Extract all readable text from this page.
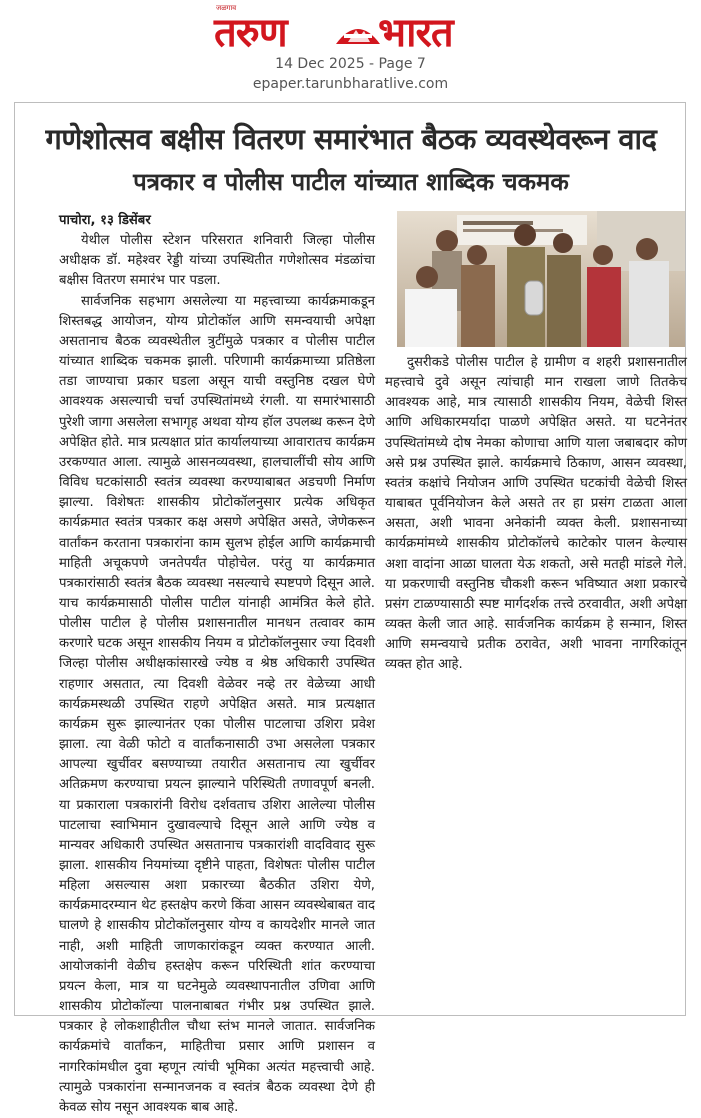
जळगाव
तरुण भारत
14 Dec 2025 - Page 7
epaper.tarunbharatlive.com
गणेशोत्सव बक्षीस वितरण समारंभात बैठक व्यवस्थेवरून वाद
पत्रकार व पोलीस पाटील यांच्यात शाब्दिक चकमक

पाचोरा, १३ डिसेंबर

येथील पोलीस स्टेशन परिसरात शनिवारी जिल्हा पोलीस अधीक्षक डॉ. महेश्वर रेड्डी यांच्या उपस्थितीत गणेशोत्सव मंडळांचा बक्षीस वितरण समारंभ पार पडला.

सार्वजनिक सहभाग असलेल्या या महत्त्वाच्या कार्यक्रमाकडून शिस्तबद्ध आयोजन, योग्य प्रोटोकॉल आणि समन्वयाची अपेक्षा असतानाच बैठक व्यवस्थेतील त्रुटींमुळे पत्रकार व पोलीस पाटील यांच्यात शाब्दिक चकमक झाली. परिणामी कार्यक्रमाच्या प्रतिष्ठेला तडा जाण्याचा प्रकार घडला असून याची वस्तुनिष्ठ दखल घेणे आवश्यक असल्याची चर्चा उपस्थितांमध्ये रंगली. या समारंभासाठी पुरेशी जागा असलेला सभागृह अथवा योग्य हॉल उपलब्ध करून देणे अपेक्षित होते. मात्र प्रत्यक्षात प्रांत कार्यालयाच्या आवारातच कार्यक्रम उरकण्यात आला. त्यामुळे आसनव्यवस्था, हालचालींची सोय आणि विविध घटकांसाठी स्वतंत्र व्यवस्था करण्याबाबत अडचणी निर्माण झाल्या. विशेषतः शासकीय प्रोटोकॉलनुसार प्रत्येक अधिकृत कार्यक्रमात स्वतंत्र पत्रकार कक्ष असणे अपेक्षित असते, जेणेकरून वार्तांकन करताना पत्रकारांना काम सुलभ होईल आणि कार्यक्रमाची माहिती अचूकपणे जनतेपर्यंत पोहोचेल. परंतु या कार्यक्रमात पत्रकारांसाठी स्वतंत्र बैठक व्यवस्था नसल्याचे स्पष्टपणे दिसून आले. याच कार्यक्रमासाठी पोलीस पाटील यांनाही आमंत्रित केले होते. पोलीस पाटील हे पोलीस प्रशासनातील मानधन तत्वावर काम करणारे घटक असून शासकीय नियम व प्रोटोकॉलनुसार ज्या दिवशी जिल्हा पोलीस अधीक्षकांसारखे ज्येष्ठ व श्रेष्ठ अधिकारी उपस्थित राहणार असतात, त्या दिवशी वेळेवर नव्हे तर वेळेच्या आधी कार्यक्रमस्थळी उपस्थित राहणे अपेक्षित असते. मात्र प्रत्यक्षात कार्यक्रम सुरू झाल्यानंतर एका पोलीस पाटलाचा उशिरा प्रवेश झाला. त्या वेळी फोटो व वार्तांकनासाठी उभा असलेला पत्रकार आपल्या खुर्चीवर बसण्याच्या तयारीत असतानाच त्या खुर्चीवर अतिक्रमण करण्याचा प्रयत्न झाल्याने परिस्थिती तणावपूर्ण बनली. या प्रकाराला पत्रकारांनी विरोध दर्शवताच उशिरा आलेल्या पोलीस पाटलाचा स्वाभिमान दुखावल्याचे दिसून आले आणि ज्येष्ठ व मान्यवर अधिकारी उपस्थित असतानाच पत्रकारांशी वादविवाद सुरू झाला. शासकीय नियमांच्या दृष्टीने पाहता, विशेषतः पोलीस पाटील महिला असल्यास अशा प्रकारच्या बैठकीत उशिरा येणे, कार्यक्रमादरम्यान थेट हस्तक्षेप करणे किंवा आसन व्यवस्थेबाबत वाद घालणे हे शासकीय प्रोटोकॉलनुसार योग्य व कायदेशीर मानले जात नाही, अशी माहिती जाणकारांकडून व्यक्त करण्यात आली. आयोजकांनी वेळीच हस्तक्षेप करून परिस्थिती शांत करण्याचा प्रयत्न केला, मात्र या घटनेमुळे व्यवस्थापनातील उणिवा आणि शासकीय प्रोटोकॉल्या पालनाबाबत गंभीर प्रश्न उपस्थित झाले. पत्रकार हे लोकशाहीतील चौथा स्तंभ मानले जातात. सार्वजनिक कार्यक्रमांचे वार्तांकन, माहितीचा प्रसार आणि प्रशासन व नागरिकांमधील दुवा म्हणून त्यांची भूमिका अत्यंत महत्त्वाची आहे. त्यामुळे पत्रकारांना सन्मानजनक व स्वतंत्र बैठक व्यवस्था देणे ही केवळ सोय नसून आवश्यक बाब आहे.

दुसरीकडे पोलीस पाटील हे ग्रामीण व शहरी प्रशासनातील महत्त्वाचे दुवे असून त्यांचाही मान राखला जाणे तितकेच आवश्यक आहे, मात्र त्यासाठी शासकीय नियम, वेळेची शिस्त आणि अधिकारमर्यादा पाळणे अपेक्षित असते. या घटनेनंतर उपस्थितांमध्ये दोष नेमका कोणाचा आणि याला जबाबदार कोण असे प्रश्न उपस्थित झाले. कार्यक्रमाचे ठिकाण, आसन व्यवस्था, स्वतंत्र कक्षांचे नियोजन आणि उपस्थित घटकांची वेळेची शिस्त याबाबत पूर्वनियोजन केले असते तर हा प्रसंग टाळता आला असता, अशी भावना अनेकांनी व्यक्त केली. प्रशासनाच्या कार्यक्रमांमध्ये शासकीय प्रोटोकॉलचे काटेकोर पालन केल्यास अशा वादांना आळा घालता येऊ शकतो, असे मतही मांडले गेले. या प्रकरणाची वस्तुनिष्ठ चौकशी करून भविष्यात अशा प्रकारचे प्रसंग टाळण्यासाठी स्पष्ट मार्गदर्शक तत्त्वे ठरवावीत, अशी अपेक्षा व्यक्त केली जात आहे. सार्वजनिक कार्यक्रम हे सन्मान, शिस्त आणि समन्वयाचे प्रतीक ठरावेत, अशी भावना नागरिकांतून व्यक्त होत आहे.
